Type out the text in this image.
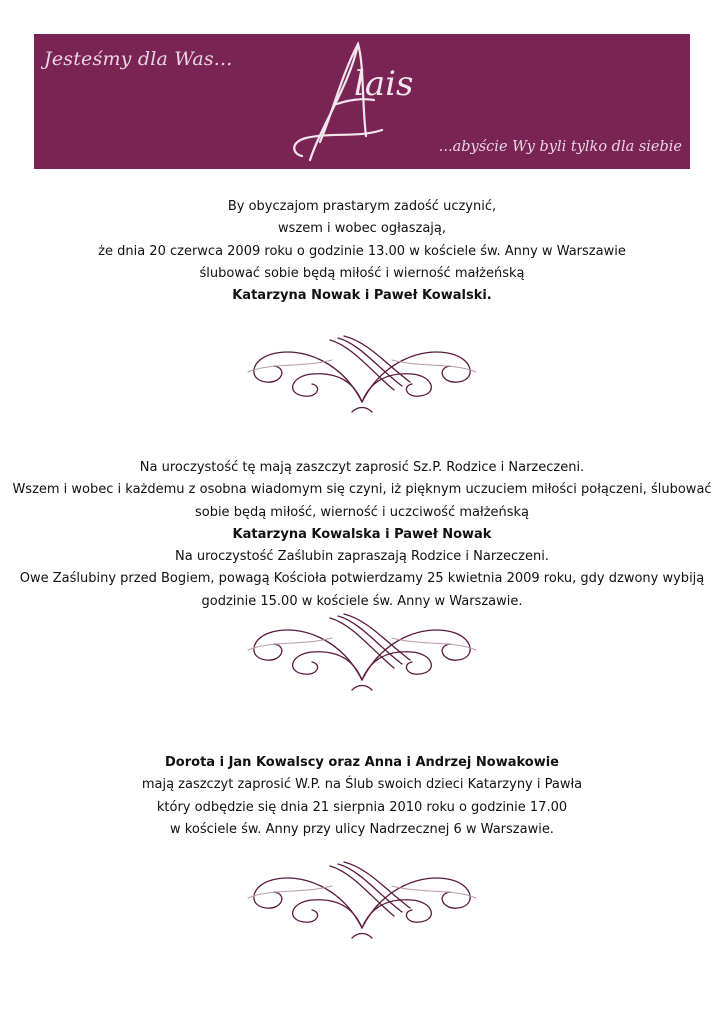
Jesteśmy dla Was...
lais
...abyście Wy byli tylko dla siebie

By obyczajom prastarym zadość uczynić,

wszem i wobec ogłaszają,

że dnia 20 czerwca 2009 roku o godzinie 13.00 w kościele św. Anny w Warszawie

ślubować sobie będą miłość i wierność małżeńską

Katarzyna Nowak i Paweł Kowalski.

Na uroczystość tę mają zaszczyt zaprosić Sz.P. Rodzice i Narzeczeni.

Wszem i wobec i każdemu z osobna wiadomym się czyni, iż pięknym uczuciem miłości połączeni, ślubować

sobie będą miłość, wierność i uczciwość małżeńską

Katarzyna Kowalska i Paweł Nowak

Na uroczystość Zaślubin zapraszają Rodzice i Narzeczeni.

Owe Zaślubiny przed Bogiem, powagą Kościoła potwierdzamy 25 kwietnia 2009 roku, gdy dzwony wybiją

godzinie 15.00 w kościele św. Anny w Warszawie.

Dorota i Jan Kowalscy oraz Anna i Andrzej Nowakowie

mają zaszczyt zaprosić W.P. na Ślub swoich dzieci Katarzyny i Pawła

który odbędzie się dnia 21 sierpnia 2010 roku o godzinie 17.00

w kościele św. Anny przy ulicy Nadrzecznej 6 w Warszawie.
